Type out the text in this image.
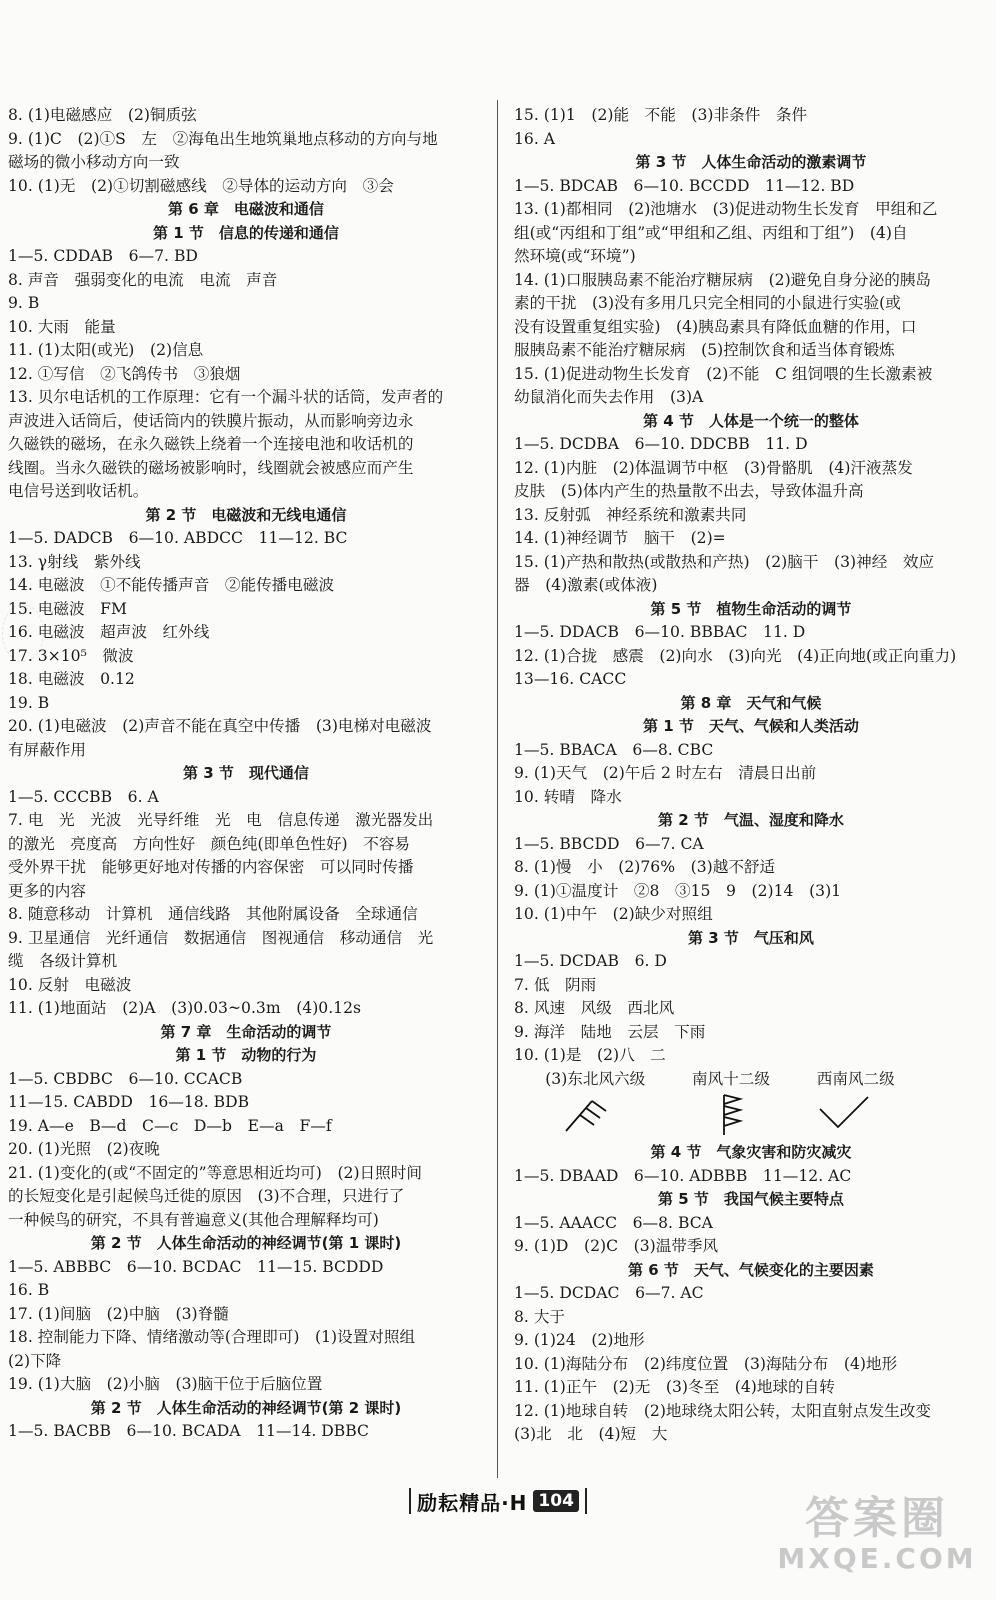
8. (1)电磁感应　(2)铜质弦
9. (1)C　(2)①S　左　②海龟出生地筑巢地点移动的方向与地
磁场的微小移动方向一致
10. (1)无　(2)①切割磁感线　②导体的运动方向　③会
第 6 章　电磁波和通信
第 1 节　信息的传递和通信
1—5. CDDAB　6—7. BD
8. 声音　强弱变化的电流　电流　声音
9. B
10. 大雨　能量
11. (1)太阳(或光)　(2)信息
12. ①写信　②飞鸽传书　③狼烟
13. 贝尔电话机的工作原理：它有一个漏斗状的话筒，发声者的
声波进入话筒后，使话筒内的铁膜片振动，从而影响旁边永
久磁铁的磁场，在永久磁铁上绕着一个连接电池和收话机的
线圈。当永久磁铁的磁场被影响时，线圈就会被感应而产生
电信号送到收话机。
第 2 节　电磁波和无线电通信
1—5. DADCB　6—10. ABDCC　11—12. BC
13. γ射线　紫外线
14. 电磁波　①不能传播声音　②能传播电磁波
15. 电磁波　FM
16. 电磁波　超声波　红外线
17. 3×10⁵　微波
18. 电磁波　0.12
19. B
20. (1)电磁波　(2)声音不能在真空中传播　(3)电梯对电磁波
有屏蔽作用
第 3 节　现代通信
1—5. CCCBB　6. A
7. 电　光　光波　光导纤维　光　电　信息传递　激光器发出
的激光　亮度高　方向性好　颜色纯(即单色性好)　不容易
受外界干扰　能够更好地对传播的内容保密　可以同时传播
更多的内容
8. 随意移动　计算机　通信线路　其他附属设备　全球通信
9. 卫星通信　光纤通信　数据通信　图视通信　移动通信　光
缆　各级计算机
10. 反射　电磁波
11. (1)地面站　(2)A　(3)0.03~0.3m　(4)0.12s
第 7 章　生命活动的调节
第 1 节　动物的行为
1—5. CBDBC　6—10. CCACB
11—15. CABDD　16—18. BDB
19. A—e　B—d　C—c　D—b　E—a　F—f
20. (1)光照　(2)夜晚
21. (1)变化的(或“不固定的”等意思相近均可)　(2)日照时间
的长短变化是引起候鸟迁徙的原因　(3)不合理，只进行了
一种候鸟的研究，不具有普遍意义(其他合理解释均可)
第 2 节　人体生命活动的神经调节(第 1 课时)
1—5. ABBBC　6—10. BCDAC　11—15. BCDDD
16. B
17. (1)间脑　(2)中脑　(3)脊髓
18. 控制能力下降、情绪激动等(合理即可)　(1)设置对照组
(2)下降
19. (1)大脑　(2)小脑　(3)脑干位于后脑位置
第 2 节　人体生命活动的神经调节(第 2 课时)
1—5. BACBB　6—10. BCADA　11—14. DBBC
15. (1)1　(2)能　不能　(3)非条件　条件
16. A
第 3 节　人体生命活动的激素调节
1—5. BDCAB　6—10. BCCDD　11—12. BD
13. (1)都相同　(2)池塘水　(3)促进动物生长发育　甲组和乙
组(或“丙组和丁组”或“甲组和乙组、丙组和丁组”)　(4)自
然环境(或“环境”)
14. (1)口服胰岛素不能治疗糖尿病　(2)避免自身分泌的胰岛
素的干扰　(3)没有多用几只完全相同的小鼠进行实验(或
没有设置重复组实验)　(4)胰岛素具有降低血糖的作用，口
服胰岛素不能治疗糖尿病　(5)控制饮食和适当体育锻炼
15. (1)促进动物生长发育　(2)不能　C 组饲喂的生长激素被
幼鼠消化而失去作用　(3)A
第 4 节　人体是一个统一的整体
1—5. DCDBA　6—10. DDCBB　11. D
12. (1)内脏　(2)体温调节中枢　(3)骨骼肌　(4)汗液蒸发
皮肤　(5)体内产生的热量散不出去，导致体温升高
13. 反射弧　神经系统和激素共同
14. (1)神经调节　脑干　(2)=
15. (1)产热和散热(或散热和产热)　(2)脑干　(3)神经　效应
器　(4)激素(或体液)
第 5 节　植物生命活动的调节
1—5. DDACB　6—10. BBBAC　11. D
12. (1)合拢　感震　(2)向水　(3)向光　(4)正向地(或正向重力)
13—16. CACC
第 8 章　天气和气候
第 1 节　天气、气候和人类活动
1—5. BBACA　6—8. CBC
9. (1)天气　(2)午后 2 时左右　清晨日出前
10. 转晴　降水
第 2 节　气温、湿度和降水
1—5. BBCDD　6—7. CA
8. (1)慢　小　(2)76%　(3)越不舒适
9. (1)①温度计　②8　③15　9　(2)14　(3)1
10. (1)中午　(2)缺少对照组
第 3 节　气压和风
1—5. DCDAB　6. D
7. 低　阴雨
8. 风速　风级　西北风
9. 海洋　陆地　云层　下雨
10. (1)是　(2)八　二
　　(3)东北风六级　　　南风十二级　　　西南风二级
第 4 节　气象灾害和防灾减灾
1—5. DBAAD　6—10. ADBBB　11—12. AC
第 5 节　我国气候主要特点
1—5. AAACC　6—8. BCA
9. (1)D　(2)C　(3)温带季风
第 6 节　天气、气候变化的主要因素
1—5. DCDAC　6—7. AC
8. 大于
9. (1)24　(2)地形
10. (1)海陆分布　(2)纬度位置　(3)海陆分布　(4)地形
11. (1)正午　(2)无　(3)冬至　(4)地球的自转
12. (1)地球自转　(2)地球绕太阳公转，太阳直射点发生改变
(3)北　北　(4)短　大
励耘精品·H 104	答案圈
MXQE.COM
